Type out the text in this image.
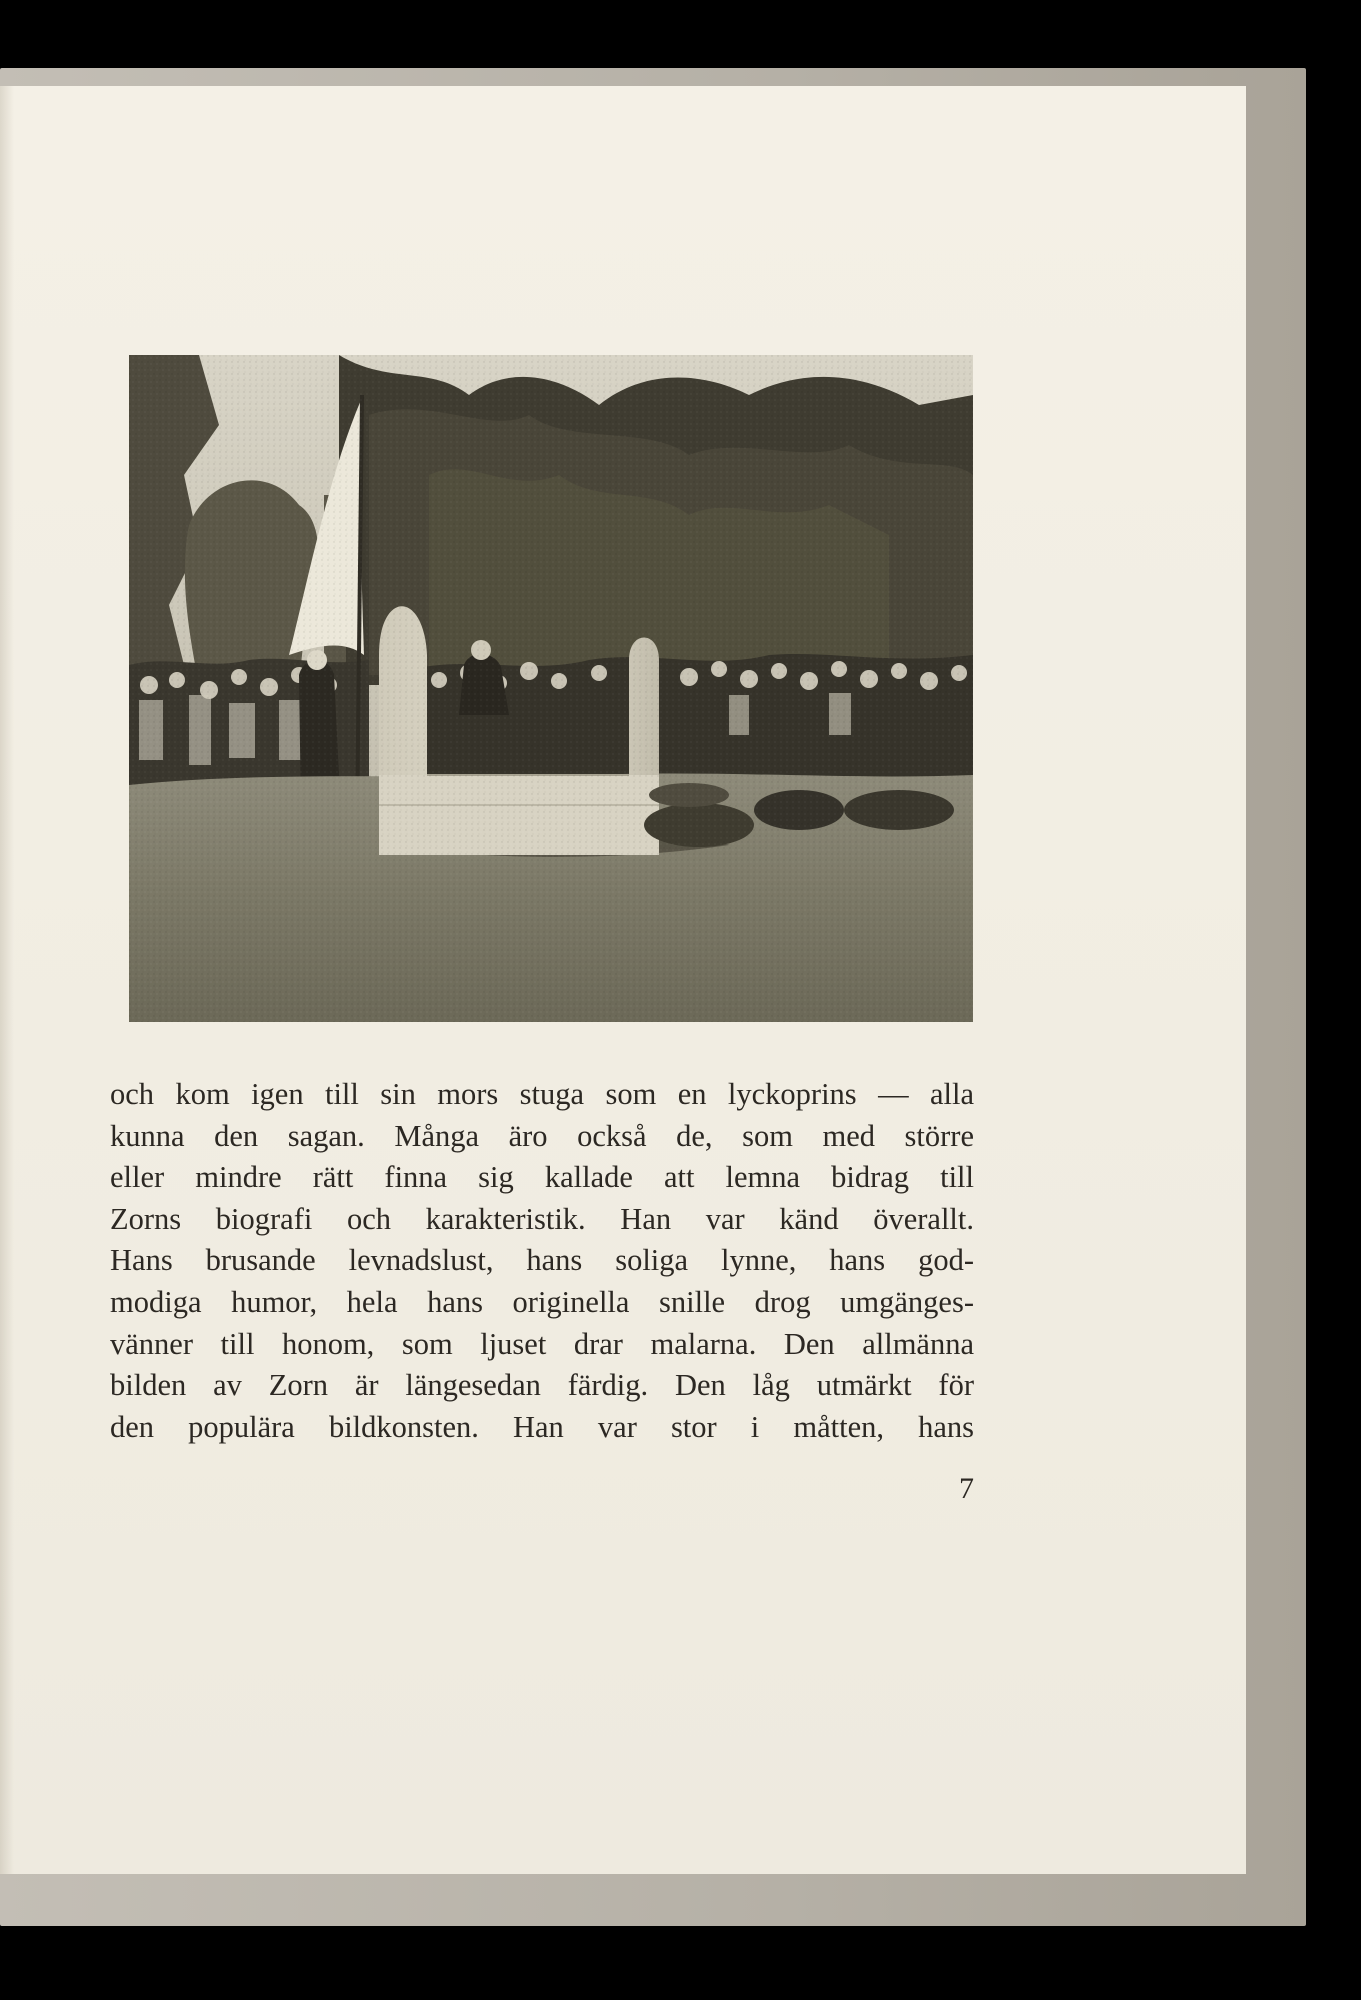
och kom igen till sin mors stuga som en lyckoprins — alla
kunna den sagan. Många äro också de, som med större
eller mindre rätt finna sig kallade att lemna bidrag till
Zorns biografi och karakteristik. Han var känd överallt.
Hans brusande levnadslust, hans soliga lynne, hans god-
modiga humor, hela hans originella snille drog umgänges-
vänner till honom, som ljuset drar malarna. Den allmänna
bilden av Zorn är längesedan färdig. Den låg utmärkt för
den populära bildkonsten. Han var stor i måtten, hans
7
